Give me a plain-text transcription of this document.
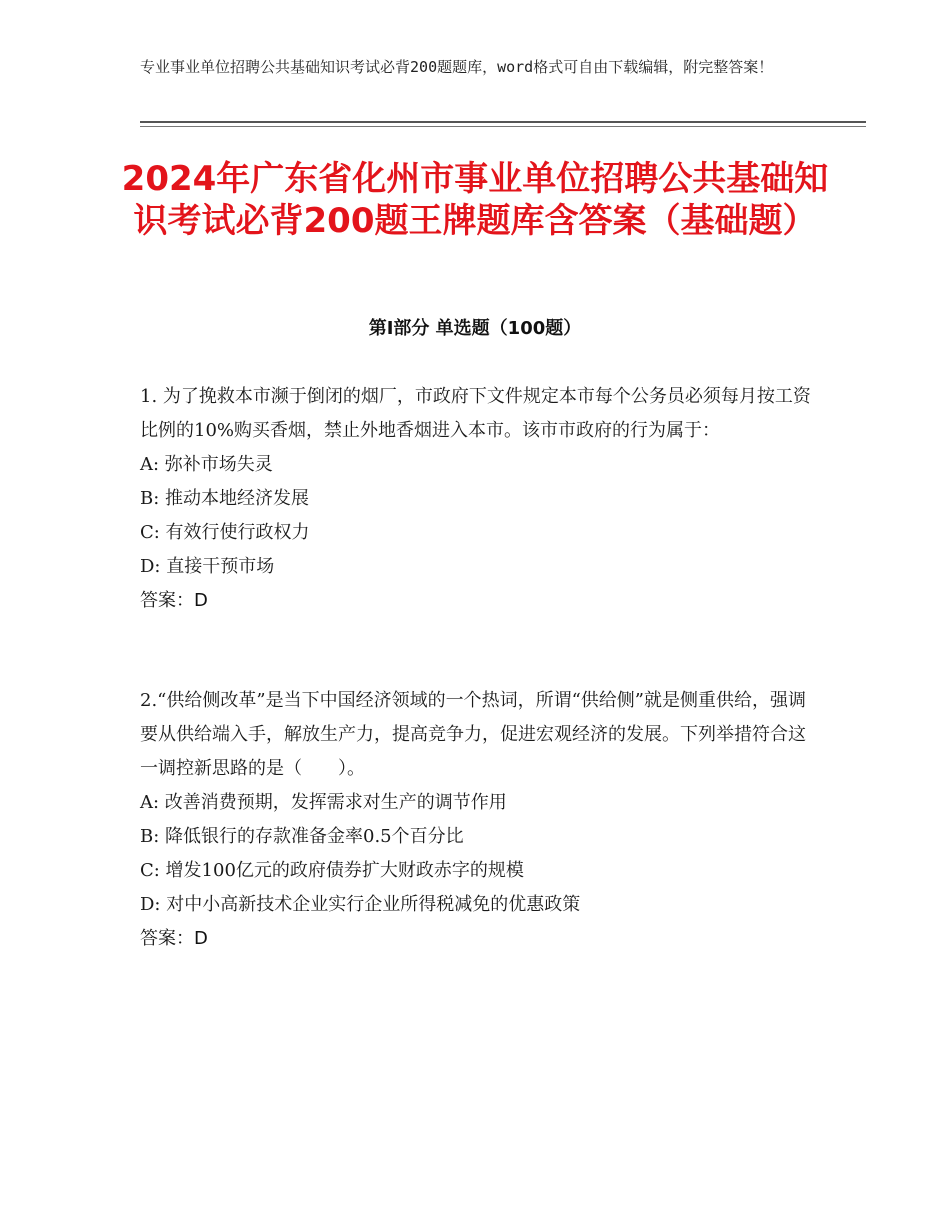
专业事业单位招聘公共基础知识考试必背200题题库，word格式可自由下载编辑，附完整答案！
2024年广东省化州市事业单位招聘公共基础知识考试必背200题王牌题库含答案（基础题）
第Ⅰ部分 单选题（100题）
1. 为了挽救本市濒于倒闭的烟厂，市政府下文件规定本市每个公务员必须每月按工资比例的10%购买香烟，禁止外地香烟进入本市。该市市政府的行为属于：
A: 弥补市场失灵
B: 推动本地经济发展
C: 有效行使行政权力
D: 直接干预市场
答案：D
2.“供给侧改革”是当下中国经济领域的一个热词，所谓“供给侧”就是侧重供给，强调要从供给端入手，解放生产力，提高竞争力，促进宏观经济的发展。下列举措符合这一调控新思路的是（　　）。
A: 改善消费预期，发挥需求对生产的调节作用
B: 降低银行的存款准备金率0.5个百分比
C: 增发100亿元的政府债券扩大财政赤字的规模
D: 对中小高新技术企业实行企业所得税减免的优惠政策
答案：D
